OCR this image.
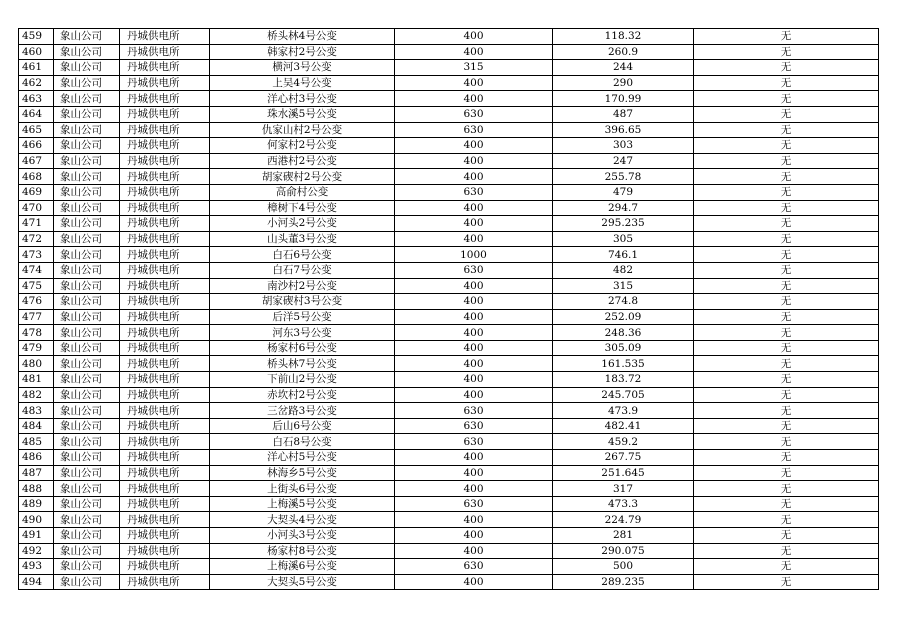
459	象山公司	丹城供电所	桥头林4号公变	400	118.32	无
460	象山公司	丹城供电所	韩家村2号公变	400	260.9	无
461	象山公司	丹城供电所	横河3号公变	315	244	无
462	象山公司	丹城供电所	上吴4号公变	400	290	无
463	象山公司	丹城供电所	洋心村3号公变	400	170.99	无
464	象山公司	丹城供电所	珠水溪5号公变	630	487	无
465	象山公司	丹城供电所	仇家山村2号公变	630	396.65	无
466	象山公司	丹城供电所	何家村2号公变	400	303	无
467	象山公司	丹城供电所	西港村2号公变	400	247	无
468	象山公司	丹城供电所	胡家碶村2号公变	400	255.78	无
469	象山公司	丹城供电所	高俞村公变	630	479	无
470	象山公司	丹城供电所	樟树下4号公变	400	294.7	无
471	象山公司	丹城供电所	小河头2号公变	400	295.235	无
472	象山公司	丹城供电所	山头董3号公变	400	305	无
473	象山公司	丹城供电所	白石6号公变	1000	746.1	无
474	象山公司	丹城供电所	白石7号公变	630	482	无
475	象山公司	丹城供电所	南沙村2号公变	400	315	无
476	象山公司	丹城供电所	胡家碶村3号公变	400	274.8	无
477	象山公司	丹城供电所	后洋5号公变	400	252.09	无
478	象山公司	丹城供电所	河东3号公变	400	248.36	无
479	象山公司	丹城供电所	杨家村6号公变	400	305.09	无
480	象山公司	丹城供电所	桥头林7号公变	400	161.535	无
481	象山公司	丹城供电所	下前山2号公变	400	183.72	无
482	象山公司	丹城供电所	赤坎村2号公变	400	245.705	无
483	象山公司	丹城供电所	三岔路3号公变	630	473.9	无
484	象山公司	丹城供电所	后山6号公变	630	482.41	无
485	象山公司	丹城供电所	白石8号公变	630	459.2	无
486	象山公司	丹城供电所	洋心村5号公变	400	267.75	无
487	象山公司	丹城供电所	林海乡5号公变	400	251.645	无
488	象山公司	丹城供电所	上街头6号公变	400	317	无
489	象山公司	丹城供电所	上梅溪5号公变	630	473.3	无
490	象山公司	丹城供电所	大契头4号公变	400	224.79	无
491	象山公司	丹城供电所	小河头3号公变	400	281	无
492	象山公司	丹城供电所	杨家村8号公变	400	290.075	无
493	象山公司	丹城供电所	上梅溪6号公变	630	500	无
494	象山公司	丹城供电所	大契头5号公变	400	289.235	无
